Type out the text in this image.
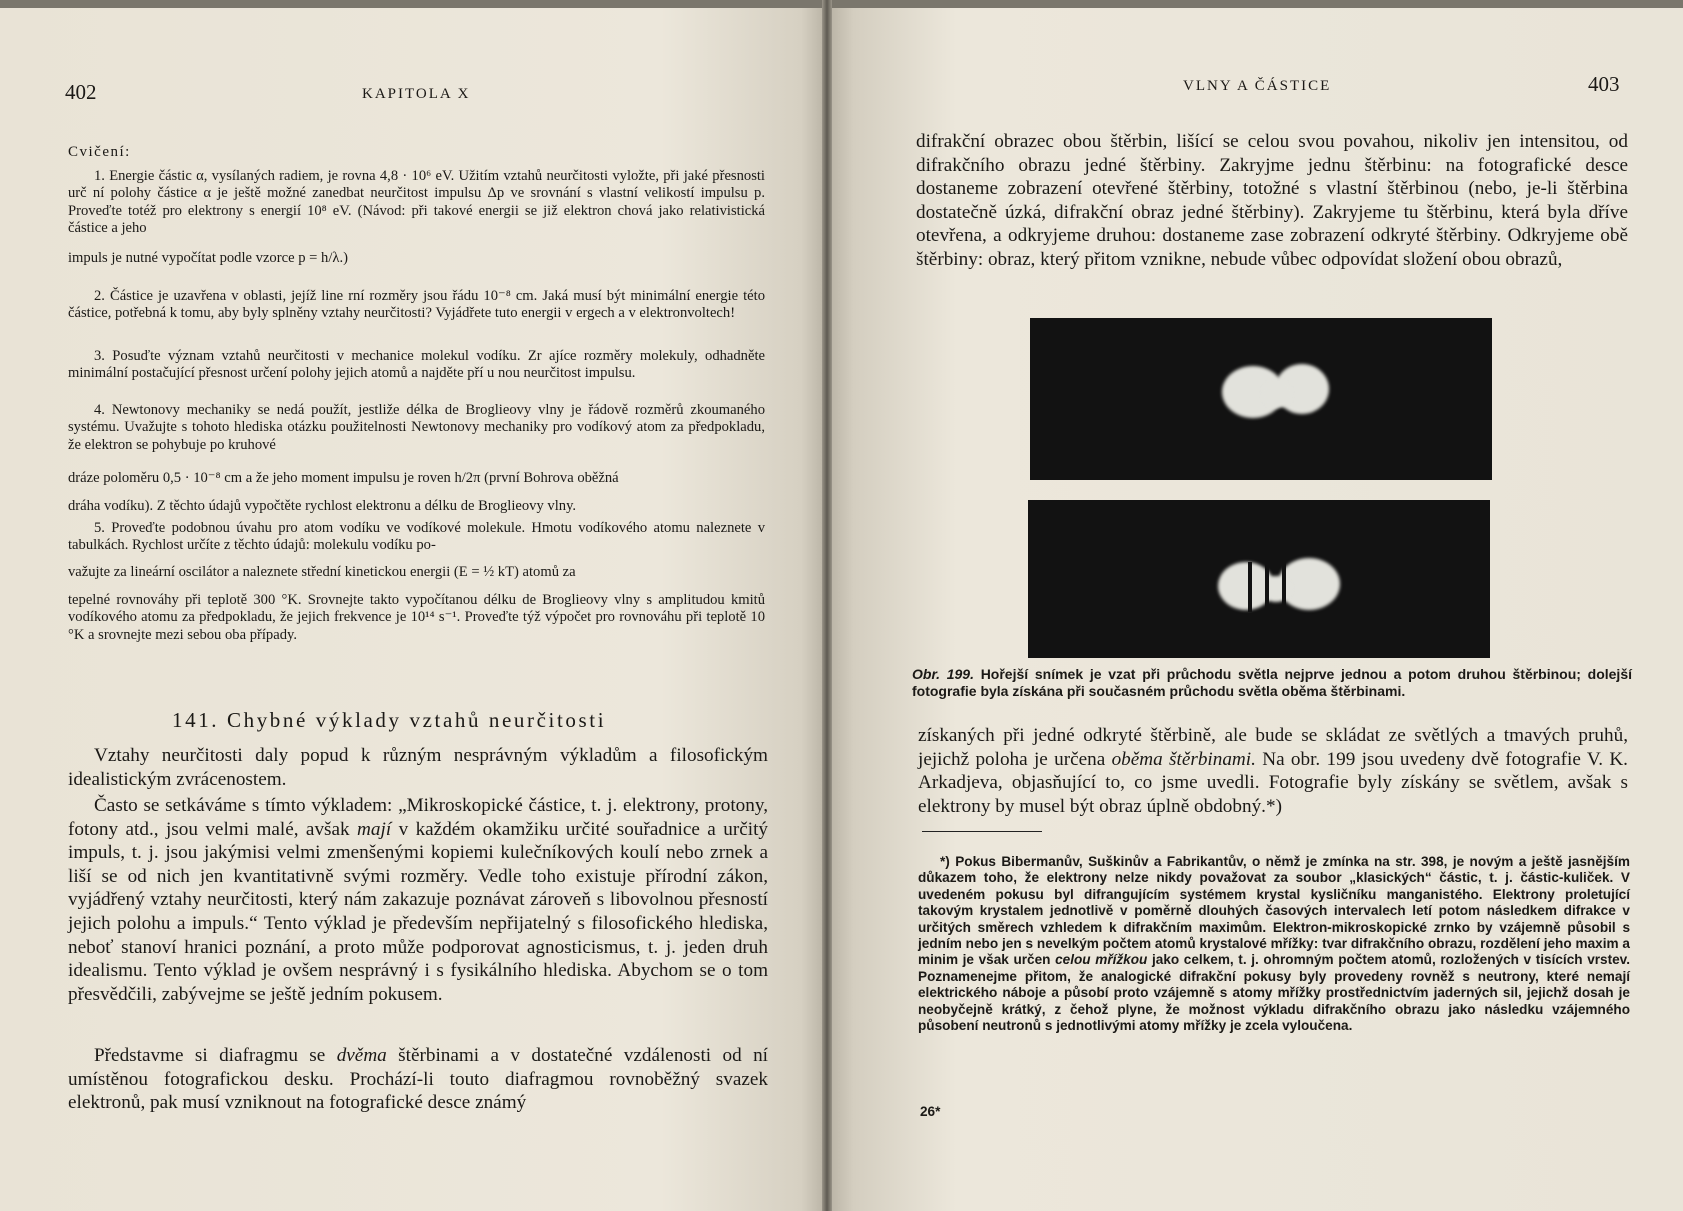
402	KAPITOLA X
Cvičení:

1. Energie částic α, vysílaných radiem, je rovna 4,8 · 10⁶ eV. Užitím vztahů neurčitosti vyložte, při jaké přesnosti urč ní polohy částice α je ještě možné zanedbat neurčitost impulsu Δp ve srovnání s vlastní velikostí impulsu p. Proveďte totéž pro elektrony s energií 10⁸ eV. (Návod: při takové energii se již elektron chová jako relativistická částice a jeho

impuls je nutné vypočítat podle vzorce p = h/λ.)

2. Částice je uzavřena v oblasti, jejíž line rní rozměry jsou řádu 10⁻⁸ cm. Jaká musí být minimální energie této částice, potřebná k tomu, aby byly splněny vztahy neurčitosti? Vyjádřete tuto energii v ergech a v elektronvoltech!

3. Posuďte význam vztahů neurčitosti v mechanice molekul vodíku. Zr ajíce rozměry molekuly, odhadněte minimální postačující přesnost určení polohy jejich atomů a najděte pří u nou neurčitost impulsu.

4. Newtonovy mechaniky se nedá použít, jestliže délka de Broglieovy vlny je řádově rozměrů zkoumaného systému. Uvažujte s tohoto hlediska otázku použitelnosti Newtonovy mechaniky pro vodíkový atom za předpokladu, že elektron se pohybuje po kruhové

dráze poloměru 0,5 · 10⁻⁸ cm a že jeho moment impulsu je roven h/2π (první Bohrova oběžná

dráha vodíku). Z těchto údajů vypočtěte rychlost elektronu a délku de Broglieovy vlny.

5. Proveďte podobnou úvahu pro atom vodíku ve vodíkové molekule. Hmotu vodíkového atomu naleznete v tabulkách. Rychlost určíte z těchto údajů: molekulu vodíku po-

važujte za lineární oscilátor a naleznete střední kinetickou energii (E = ½ kT) atomů za

tepelné rovnováhy při teplotě 300 °K. Srovnejte takto vypočítanou délku de Broglieovy vlny s amplitudou kmitů vodíkového atomu za předpokladu, že jejich frekvence je 10¹⁴ s⁻¹. Proveďte týž výpočet pro rovnováhu při teplotě 10 °K a srovnejte mezi sebou oba případy.

141. Chybné výklady vztahů neurčitosti

Vztahy neurčitosti daly popud k různým nesprávným výkladům a filosofickým idealistickým zvrácenostem.

Často se setkáváme s tímto výkladem: „Mikroskopické částice, t. j. elektrony, protony, fotony atd., jsou velmi malé, avšak mají v každém okamžiku určité souřadnice a určitý impuls, t. j. jsou jakýmisi velmi zmenšenými kopiemi kulečníkových koulí nebo zrnek a liší se od nich jen kvantitativně svými rozměry. Vedle toho existuje přírodní zákon, vyjádřený vztahy neurčitosti, který nám zakazuje poznávat zároveň s libovolnou přesností jejich polohu a impuls.“ Tento výklad je především nepřijatelný s filosofického hlediska, neboť stanoví hranici poznání, a proto může podporovat agnosticismus, t. j. jeden druh idealismu. Tento výklad je ovšem nesprávný i s fysikálního hlediska. Abychom se o tom přesvědčili, zabývejme se ještě jedním pokusem.

Představme si diafragmu se dvěma štěrbinami a v dostatečné vzdálenosti od ní umístěnou fotografickou desku. Prochází-li touto diafragmou rovnoběžný svazek elektronů, pak musí vzniknout na fotografické desce známý

VLNY A ČÁSTICE	403

difrakční obrazec obou štěrbin, lišící se celou svou povahou, nikoliv jen intensitou, od difrakčního obrazu jedné štěrbiny. Zakryjme jednu štěrbinu: na fotografické desce dostaneme zobrazení otevřené štěrbiny, totožné s vlastní štěrbinou (nebo, je-li štěrbina dostatečně úzká, difrakční obraz jedné štěrbiny). Zakryjeme tu štěrbinu, která byla dříve otevřena, a odkryjeme druhou: dostaneme zase zobrazení odkryté štěrbiny. Odkryjeme obě štěrbiny: obraz, který přitom vznikne, nebude vůbec odpovídat složení obou obrazů,

Obr. 199. Hořejší snímek je vzat při průchodu světla nejprve jednou a potom druhou štěrbinou; dolejší fotografie byla získána při současném průchodu světla oběma štěrbinami.

získaných při jedné odkryté štěrbině, ale bude se skládat ze světlých a tmavých pruhů, jejichž poloha je určena oběma štěrbinami. Na obr. 199 jsou uvedeny dvě fotografie V. K. Arkadjeva, objasňující to, co jsme uvedli. Fotografie byly získány se světlem, avšak s elektrony by musel být obraz úplně obdobný.*)

*) Pokus Bibermanův, Suškinův a Fabrikantův, o němž je zmínka na str. 398, je novým a ještě jasnějším důkazem toho, že elektrony nelze nikdy považovat za soubor „klasických“ částic, t. j. částic-kuliček. V uvedeném pokusu byl difrangujícím systémem krystal kysličníku manganistého. Elektrony proletující takovým krystalem jednotlivě v poměrně dlouhých časových intervalech letí potom následkem difrakce v určitých směrech vzhledem k difrakčním maximům. Elektron-mikroskopické zrnko by vzájemně působil s jedním nebo jen s nevelkým počtem atomů krystalové mřížky: tvar difrakčního obrazu, rozdělení jeho maxim a minim je však určen celou mřížkou jako celkem, t. j. ohromným počtem atomů, rozložených v tisících vrstev. Poznamenejme přitom, že analogické difrakční pokusy byly provedeny rovněž s neutrony, které nemají elektrického náboje a působí proto vzájemně s atomy mřížky prostřednictvím jaderných sil, jejichž dosah je neobyčejně krátký, z čehož plyne, že možnost výkladu difrakčního obrazu jako následku vzájemného působení neutronů s jednotlivými atomy mřížky je zcela vyloučena.

26*
